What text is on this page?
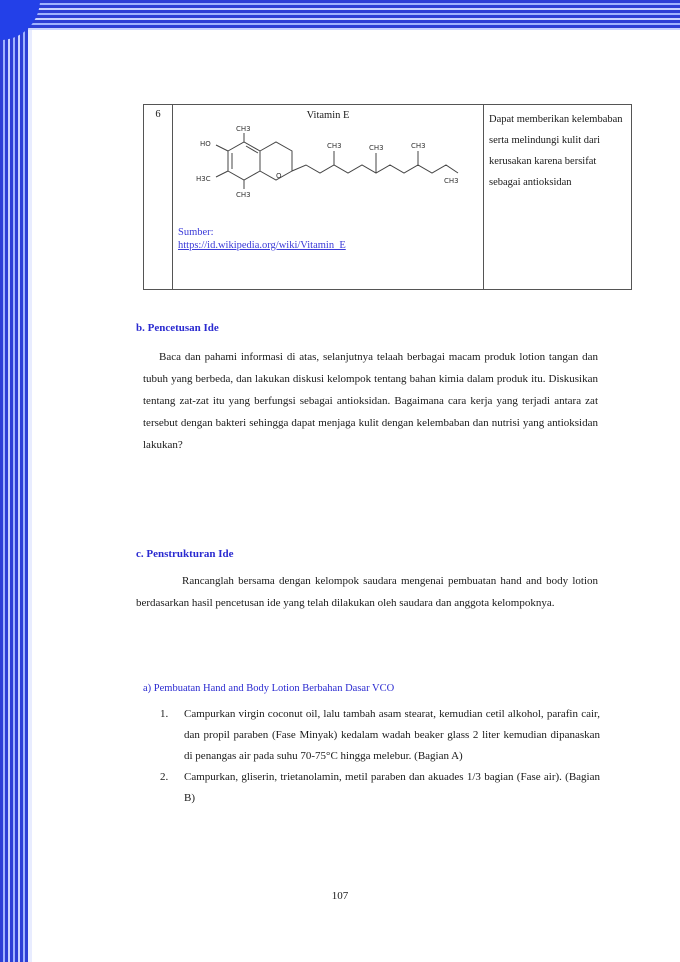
6	Vitamin E
O
CH3
HO
H3C
CH3
CH3	CH3	CH3
CH3
Sumber:
https://id.wikipedia.org/wiki/Vitamin_E

Dapat memberikan kelembaban serta melindungi kulit dari kerusakan karena bersifat sebagai antioksidan
b. Pencetusan Ide
Baca dan pahami informasi di atas, selanjutnya telaah berbagai macam produk lotion tangan dan tubuh yang berbeda, dan lakukan diskusi kelompok tentang bahan kimia dalam produk itu. Diskusikan tentang zat-zat itu yang berfungsi sebagai antioksidan. Bagaimana cara kerja yang terjadi antara zat tersebut dengan bakteri sehingga dapat menjaga kulit dengan kelembaban dan nutrisi yang antioksidan lakukan?
c. Penstrukturan Ide
Rancanglah bersama dengan kelompok saudara mengenai pembuatan hand and body lotion berdasarkan hasil pencetusan ide yang telah dilakukan oleh saudara dan anggota kelompoknya.
a) Pembuatan Hand and Body Lotion Berbahan Dasar VCO
1.	Campurkan virgin coconut oil, lalu tambah asam stearat, kemudian cetil alkohol, parafin cair, dan propil paraben (Fase Minyak) kedalam wadah beaker glass 2 liter kemudian dipanaskan di penangas air pada suhu 70-75°C hingga melebur. (Bagian A)
2.	Campurkan, gliserin, trietanolamin, metil paraben dan akuades 1/3 bagian (Fase air). (Bagian B)
107
